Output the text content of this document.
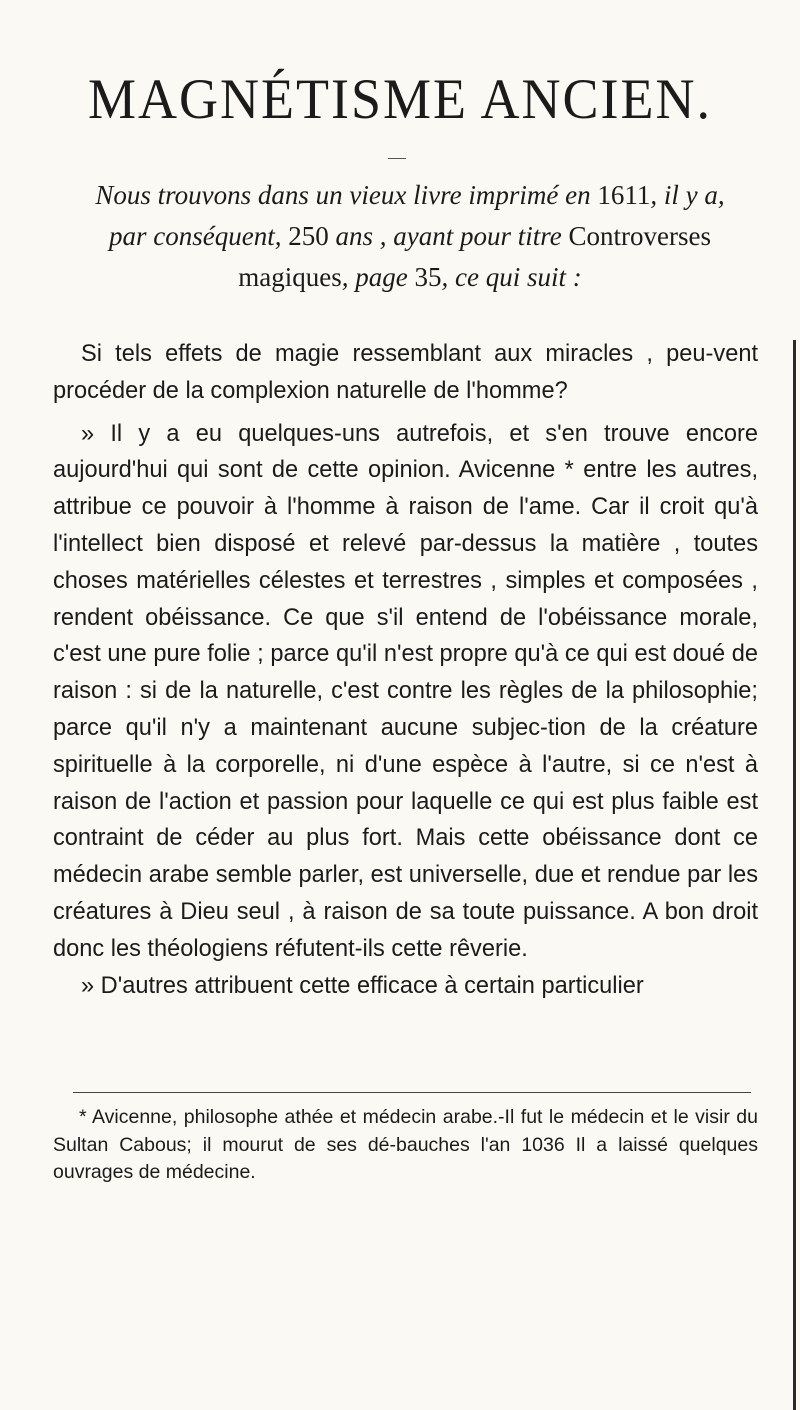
MAGNÉTISME ANCIEN.
Nous trouvons dans un vieux livre imprimé en 1611, il y a, par conséquent, 250 ans , ayant pour titre Controverses magiques, page 35, ce qui suit :

Si tels effets de magie ressemblant aux miracles , peu-vent procéder de la complexion naturelle de l'homme?

» Il y a eu quelques-uns autrefois, et s'en trouve encore aujourd'hui qui sont de cette opinion. Avicenne * entre les autres, attribue ce pouvoir à l'homme à raison de l'ame. Car il croit qu'à l'intellect bien disposé et relevé par-dessus la matière , toutes choses matérielles célestes et terrestres , simples et composées , rendent obéissance. Ce que s'il entend de l'obéissance morale, c'est une pure folie ; parce qu'il n'est propre qu'à ce qui est doué de raison : si de la naturelle, c'est contre les règles de la philosophie; parce qu'il n'y a maintenant aucune subjec-tion de la créature spirituelle à la corporelle, ni d'une espèce à l'autre, si ce n'est à raison de l'action et passion pour laquelle ce qui est plus faible est contraint de céder au plus fort. Mais cette obéissance dont ce médecin arabe semble parler, est universelle, due et rendue par les créatures à Dieu seul , à raison de sa toute puissance. A bon droit donc les théologiens réfutent-ils cette rêverie.

» D'autres attribuent cette efficace à certain particulier

* Avicenne, philosophe athée et médecin arabe.-Il fut le médecin et le visir du Sultan Cabous; il mourut de ses dé-bauches l'an 1036 Il a laissé quelques ouvrages de médecine.
